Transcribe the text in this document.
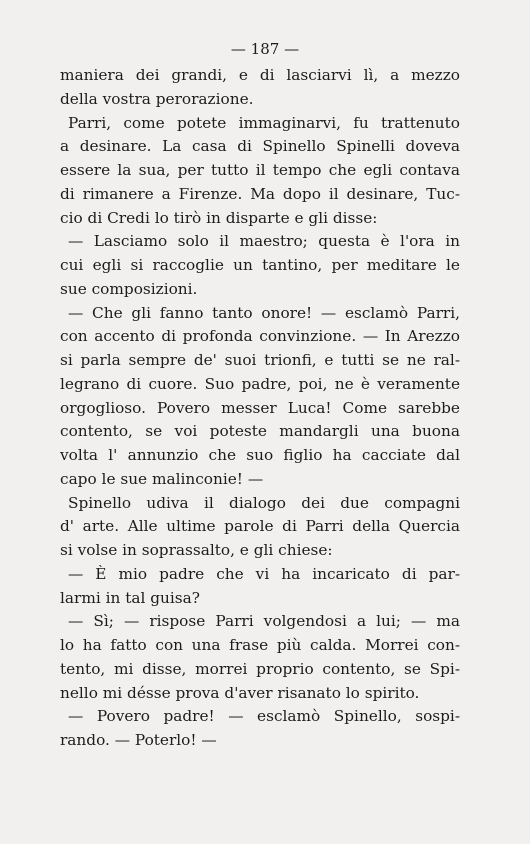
— 187 —
maniera dei grandi, e di lasciarvi lì, a mezzo
della vostra perorazione.
Parri, come potete immaginarvi, fu trattenuto
a desinare. La casa di Spinello Spinelli doveva
essere la sua, per tutto il tempo che egli contava
di rimanere a Firenze. Ma dopo il desinare, Tuc-
cio di Credi lo tirò in disparte e gli disse:
— Lasciamo solo il maestro; questa è l'ora in
cui egli si raccoglie un tantino, per meditare le
sue composizioni.
— Che gli fanno tanto onore! — esclamò Parri,
con accento di profonda convinzione. — In Arezzo
si parla sempre de' suoi trionfi, e tutti se ne ral-
legrano di cuore. Suo padre, poi, ne è veramente
orgoglioso. Povero messer Luca! Come sarebbe
contento, se voi poteste mandargli una buona
volta l' annunzio che suo figlio ha cacciate dal
capo le sue malinconie! —
Spinello udiva il dialogo dei due compagni
d' arte. Alle ultime parole di Parri della Quercia
si volse in soprassalto, e gli chiese:
— È mio padre che vi ha incaricato di par-
larmi in tal guisa?
— Sì; — rispose Parri volgendosi a lui; — ma
lo ha fatto con una frase più calda. Morrei con-
tento, mi disse, morrei proprio contento, se Spi-
nello mi désse prova d'aver risanato lo spirito.
— Povero padre! — esclamò Spinello, sospi-
rando. — Poterlo! —
